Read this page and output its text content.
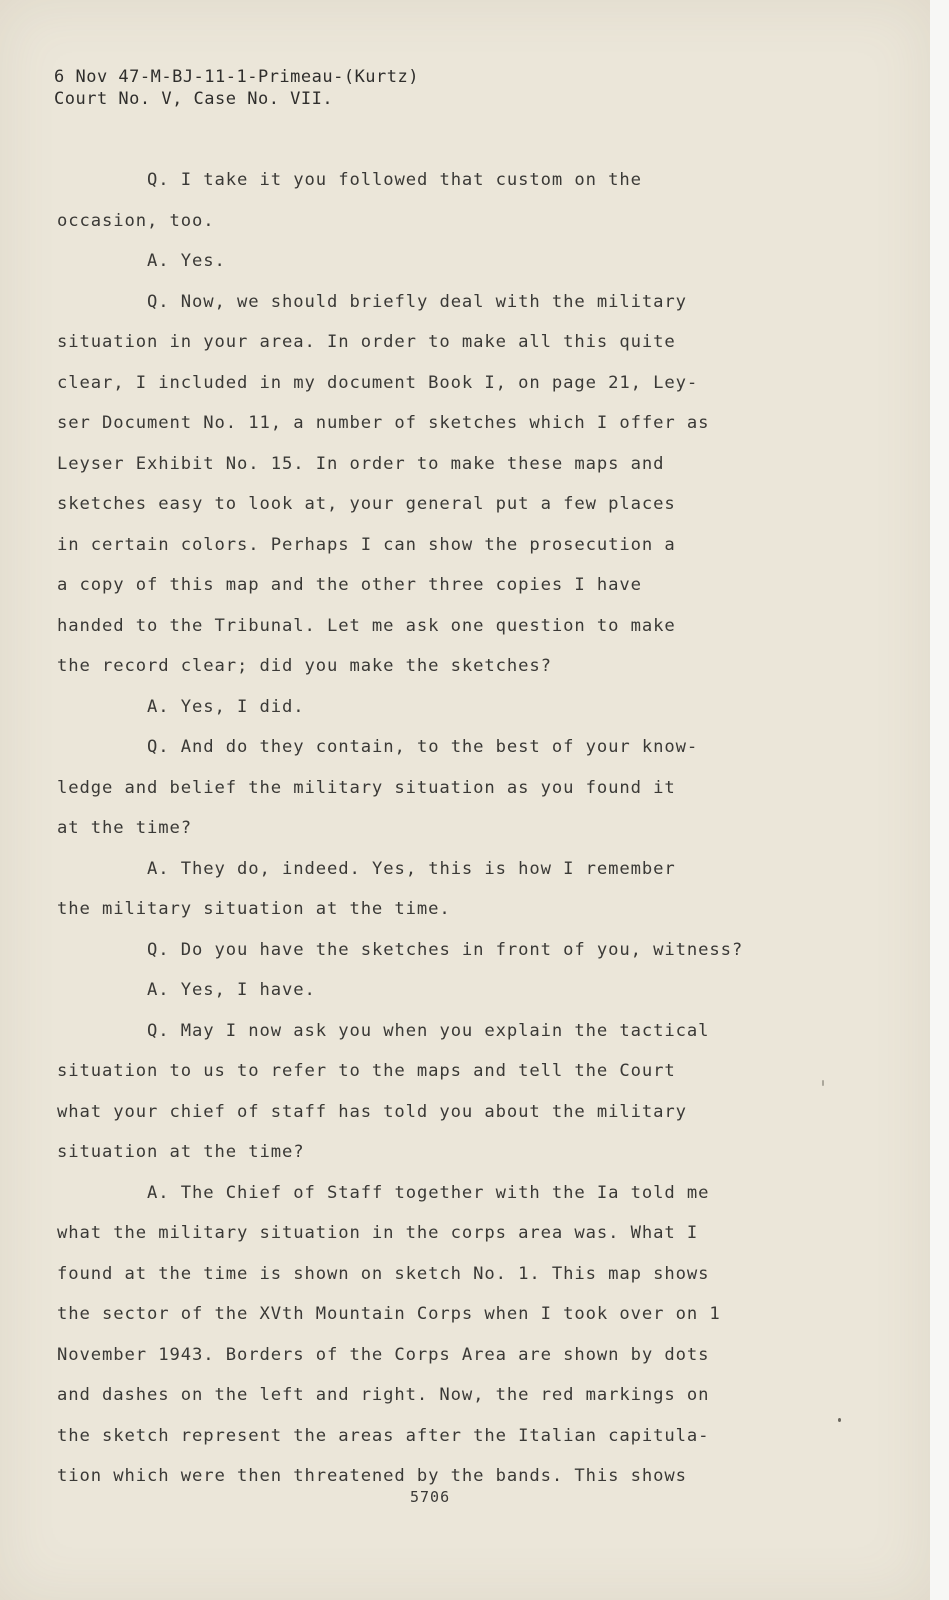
6 Nov 47-M-BJ-11-1-Primeau-(Kurtz)
Court No. V, Case No. VII.
Q. I take it you followed that custom on the
occasion, too.
A. Yes.
Q. Now, we should briefly deal with the military
situation in your area. In order to make all this quite
clear, I included in my document Book I, on page 21, Ley-
ser Document No. 11, a number of sketches which I offer as
Leyser Exhibit No. 15. In order to make these maps and
sketches easy to look at, your general put a few places
in certain colors. Perhaps I can show the prosecution a
a copy of this map and the other three copies I have
handed to the Tribunal. Let me ask one question to make
the record clear; did you make the sketches?
A. Yes, I did.
Q. And do they contain, to the best of your know-
ledge and belief the military situation as you found it
at the time?
A. They do, indeed. Yes, this is how I remember
the military situation at the time.
Q. Do you have the sketches in front of you, witness?
A. Yes, I have.
Q. May I now ask you when you explain the tactical
situation to us to refer to the maps and tell the Court
what your chief of staff has told you about the military
situation at the time?
A. The Chief of Staff together with the Ia told me
what the military situation in the corps area was. What I
found at the time is shown on sketch No. 1. This map shows
the sector of the XVth Mountain Corps when I took over on 1
November 1943. Borders of the Corps Area are shown by dots
and dashes on the left and right. Now, the red markings on
the sketch represent the areas after the Italian capitula-
tion which were then threatened by the bands. This shows
5706
